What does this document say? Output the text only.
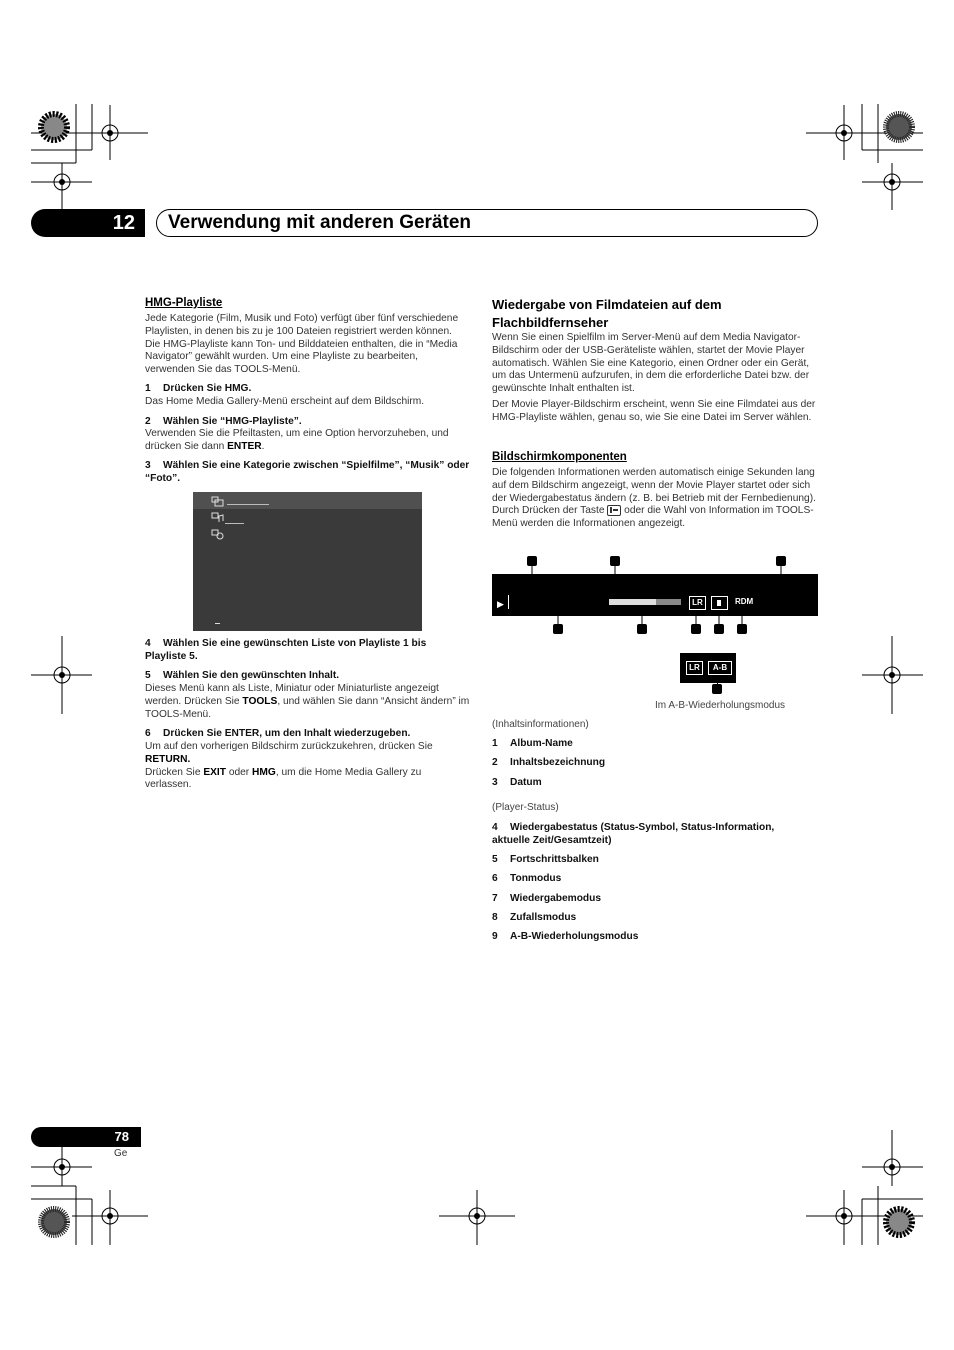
12	Verwendung mit anderen Geräten
HMG-Playliste
Jede Kategorie (Film, Musik und Foto) verfügt über fünf verschiedene Playlisten, in denen bis zu je 100 Dateien registriert werden können. Die HMG-Playliste kann Ton- und Bilddateien enthalten, die in “Media Navigator” gewählt wurden. Um eine Playliste zu bearbeiten, verwenden Sie das TOOLS-Menü.
1 Drücken Sie HMG.
Das Home Media Gallery-Menü erscheint auf dem Bildschirm.
2 Wählen Sie “HMG-Playliste”.
Verwenden Sie die Pfeiltasten, um eine Option hervorzuheben, und drücken Sie dann ENTER.
3 Wählen Sie eine Kategorie zwischen “Spielfilme”, “Musik” oder “Foto”.
4 Wählen Sie eine gewünschten Liste von Playliste 1 bis Playliste 5.
5 Wählen Sie den gewünschten Inhalt.
Dieses Menü kann als Liste, Miniatur oder Miniaturliste angezeigt werden. Drücken Sie TOOLS, und wählen Sie dann “Ansicht ändern” im TOOLS-Menü.
6 Drücken Sie ENTER, um den Inhalt wiederzugeben.
Um auf den vorherigen Bildschirm zurückzukehren, drücken Sie
RETURN.
Drücken Sie EXIT oder HMG, um die Home Media Gallery zu verlassen.
Wiedergabe von Filmdateien auf dem
Flachbildfernseher
Wenn Sie einen Spielfilm im Server-Menü auf dem Media Navigator-Bildschirm oder der USB-Geräteliste wählen, startet der Movie Player automatisch. Wählen Sie eine Kategorio, einen Ordner oder ein Gerät, um das Untermenü aufzurufen, in dem die erforderliche Datei bzw. der gewünschte Inhalt enthalten ist.
Der Movie Player-Bildschirm erscheint, wenn Sie eine Filmdatei aus der HMG-Playliste wählen, genau so, wie Sie eine Datei im Server wählen.
Bildschirmkomponenten
Die folgenden Informationen werden automatisch einige Sekunden lang auf dem Bildschirm angezeigt, wenn der Movie Player startet oder sich der Wiedergabestatus ändern (z. B. bei Betrieb mit der Fernbedienung). Durch Drücken der Taste
oder die Wahl von Information im TOOLS-Menü werden die Informationen angezeigt.
▶	LR	RDM
LR	A-B
Im A-B-Wiederholungsmodus
(Inhaltsinformationen)
1 Album-Name
2 Inhaltsbezeichnung
3 Datum
(Player-Status)
4 Wiedergabestatus (Status-Symbol, Status-Information, aktuelle Zeit/Gesamtzeit)
5 Fortschrittsbalken
6 Tonmodus
7 Wiedergabemodus
8 Zufallsmodus
9 A-B-Wiederholungsmodus
78
Ge
